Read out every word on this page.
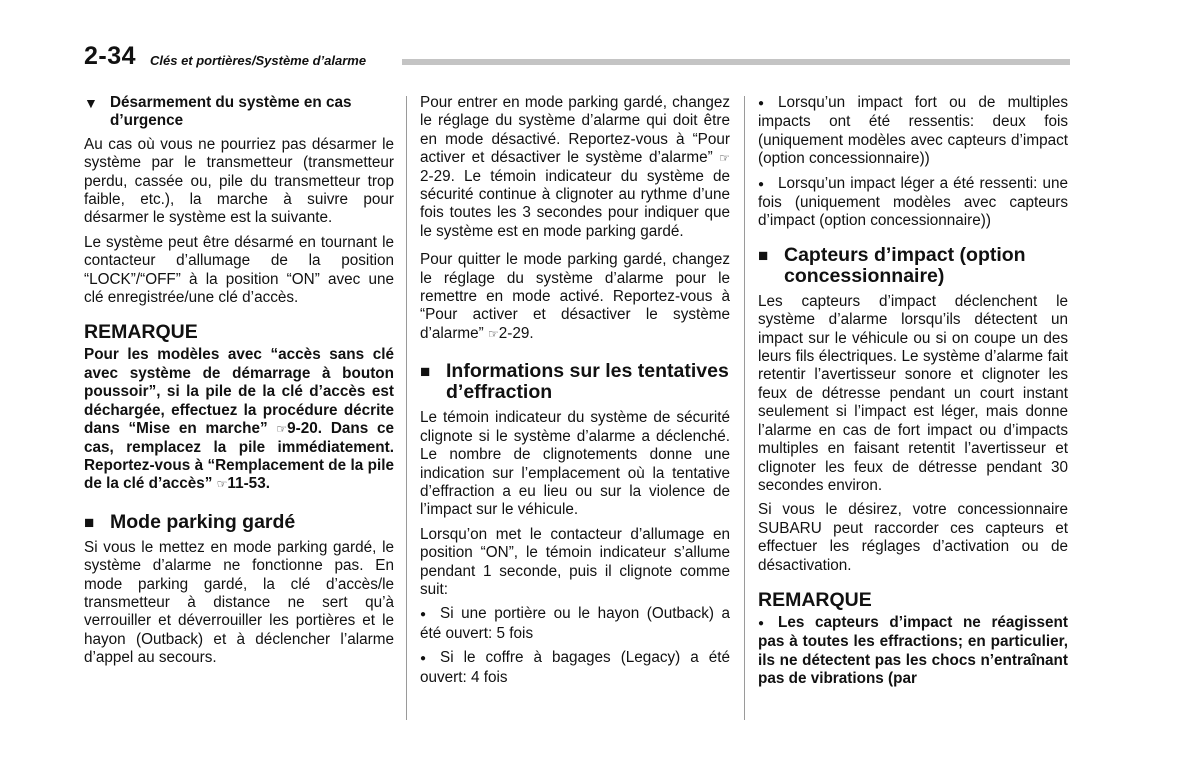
2-34 Clés et portières/Système d’alarme
▼ Désarmement du système en cas d’urgence

Au cas où vous ne pourriez pas désarmer le système par le transmetteur (transmetteur perdu, cassée ou, pile du transmetteur trop faible, etc.), la marche à suivre pour désarmer le système est la suivante.

Le système peut être désarmé en tournant le contacteur d’allumage de la position “LOCK”/“OFF” à la position “ON” avec une clé enregistrée/une clé d’accès.

REMARQUE
Pour les modèles avec “accès sans clé avec système de démarrage à bouton poussoir”, si la pile de la clé d’accès est déchargée, effectuez la procédure décrite dans “Mise en marche” ☞9-20. Dans ce cas, remplacez la pile immédiatement. Reportez-vous à “Remplacement de la pile de la clé d’accès” ☞11-53.
■ Mode parking gardé

Si vous le mettez en mode parking gardé, le système d’alarme ne fonctionne pas. En mode parking gardé, la clé d’accès/le transmetteur à distance ne sert qu’à verrouiller et déverrouiller les portières et le hayon (Outback) et à déclencher l’alarme d’appel au secours.

Pour entrer en mode parking gardé, changez le réglage du système d’alarme qui doit être en mode désactivé. Reportez-vous à “Pour activer et désactiver le système d’alarme” ☞2-29. Le témoin indicateur du système de sécurité continue à clignoter au rythme d’une fois toutes les 3 secondes pour indiquer que le système est en mode parking gardé.

Pour quitter le mode parking gardé, changez le réglage du système d’alarme pour le remettre en mode activé. Reportez-vous à “Pour activer et désactiver le système d’alarme” ☞2-29.

■ Informations sur les tentatives d’effraction

Le témoin indicateur du système de sécurité clignote si le système d’alarme a déclenché. Le nombre de clignotements donne une indication sur l’emplacement où la tentative d’effraction a eu lieu ou sur la violence de l’impact sur le véhicule.

Lorsqu’on met le contacteur d’allumage en position “ON”, le témoin indicateur s’allume pendant 1 seconde, puis il clignote comme suit:

● Si une portière ou le hayon (Outback) a été ouvert: 5 fois
● Si le coffre à bagages (Legacy) a été ouvert: 4 fois
● Lorsqu’un impact fort ou de multiples impacts ont été ressentis: deux fois (uniquement modèles avec capteurs d’impact (option concessionnaire))
● Lorsqu’un impact léger a été ressenti: une fois (uniquement modèles avec capteurs d’impact (option concessionnaire))
■ Capteurs d’impact (option concessionnaire)

Les capteurs d’impact déclenchent le système d’alarme lorsqu’ils détectent un impact sur le véhicule ou si on coupe un des leurs fils électriques. Le système d’alarme fait retentir l’avertisseur sonore et clignoter les feux de détresse pendant un court instant seulement si l’impact est léger, mais donne l’alarme en cas de fort impact ou d’impacts multiples en faisant retentit l’avertisseur et clignoter les feux de détresse pendant 30 secondes environ.

Si vous le désirez, votre concessionnaire SUBARU peut raccorder ces capteurs et effectuer les réglages d’activation ou de désactivation.

REMARQUE
● Les capteurs d’impact ne réagissent pas à toutes les effractions; en particulier, ils ne détectent pas les chocs n’entraînant pas de vibrations (par
